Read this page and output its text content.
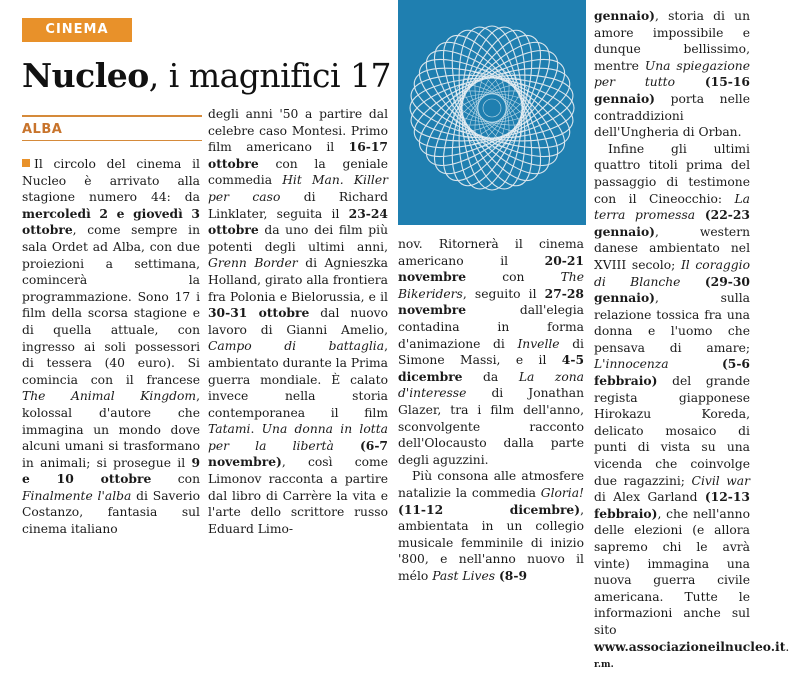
CINEMA
Nucleo, i magnifici 17
ALBA

Il circolo del cinema il Nucleo è arrivato alla stagione numero 44: da mercoledì 2 e giovedì 3 ottobre, come sempre in sala Ordet ad Alba, con due proiezioni a settimana, comincerà la programmazione. Sono 17 i film della scorsa stagione e di quella attuale, con ingresso ai soli possessori di tessera (40 euro). Si comincia con il francese The Animal Kingdom, kolossal d'autore che immagina un mondo dove alcuni umani si trasformano in animali; si prosegue il 9 e 10 ottobre con Finalmente l'alba di Saverio Costanzo, fantasia sul cinema italiano

degli anni '50 a partire dal celebre caso Montesi. Primo film americano il 16-17 ottobre con la geniale commedia Hit Man. Killer per caso di Richard Linklater, seguita il 23-24 ottobre da uno dei film più potenti degli ultimi anni, Grenn Border di Agnieszka Holland, girato alla frontiera fra Polonia e Bielorussia, e il 30-31 ottobre dal nuovo lavoro di Gianni Amelio, Campo di battaglia, ambientato durante la Prima guerra mondiale. È calato invece nella storia contemporanea il film Tatami. Una donna in lotta per la libertà (6-7 novembre), così come Limonov racconta a partire dal libro di Carrère la vita e l'arte dello scrittore russo Eduard Limo-

nov. Ritornerà il cinema americano il 20-21 novembre con The Bikeriders, seguito il 27-28 novembre dall'elegia contadina in forma d'animazione di Invelle di Simone Massi, e il 4-5 dicembre da La zona d'interesse di Jonathan Glazer, tra i film dell'anno, sconvolgente racconto dell'Olocausto dalla parte degli aguzzini.

Più consona alle atmosfere natalizie la commedia Gloria! (11-12 dicembre), ambientata in un collegio musicale femminile di inizio '800, e nell'anno nuovo il mélo Past Lives (8-9

gennaio), storia di un amore impossibile e dunque bellissimo, mentre Una spiegazione per tutto (15-16 gennaio) porta nelle contraddizioni dell'Ungheria di Orban.

Infine gli ultimi quattro titoli prima del passaggio di testimone con il Cineocchio: La terra promessa (22-23 gennaio), western danese ambientato nel XVIII secolo; Il coraggio di Blanche (29-30 gennaio), sulla relazione tossica fra una donna e l'uomo che pensava di amare; L'innocenza	(5-6 febbraio) del grande regista giapponese Hirokazu Koreda, delicato mosaico di punti di vista su una vicenda che coinvolge due ragazzini; Civil war di Alex Garland (12-13 febbraio), che nell'anno delle elezioni (e allora sapremo chi le avrà vinte) immagina una nuova guerra civile americana. Tutte le informazioni anche sul sito www.associazioneilnucleo.it. r.m.
